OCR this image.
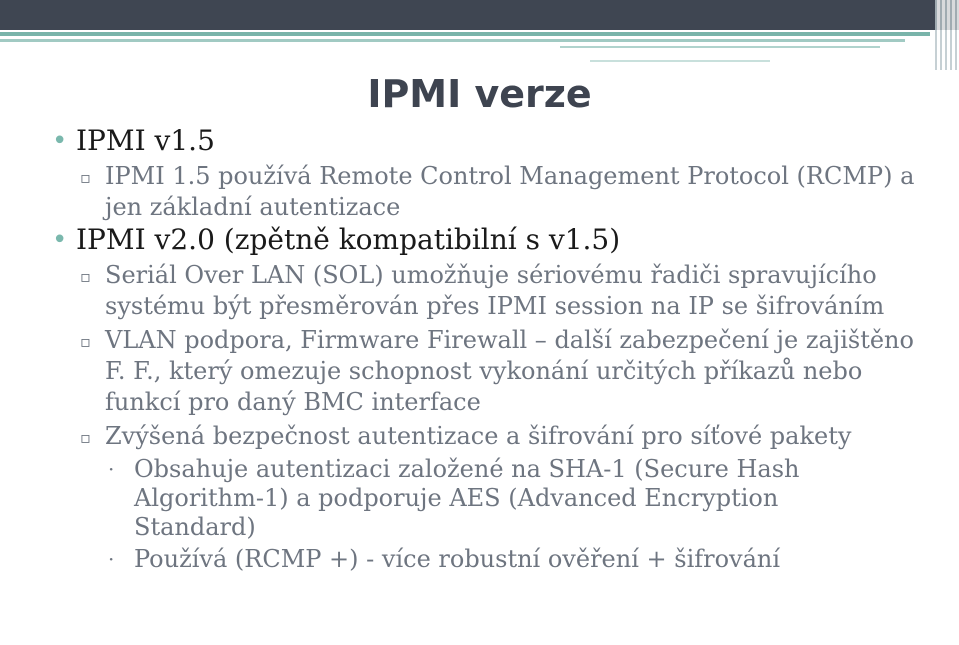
IPMI verze
• IPMI v1.5
▫ IPMI 1.5 používá Remote Control Management Protocol (RCMP) a jen základní autentizace
• IPMI v2.0 (zpětně kompatibilní s v1.5)
▫ Seriál Over LAN (SOL) umožňuje sériovému řadiči spravujícího systému být přesměrován přes IPMI session na IP se šifrováním
▫ VLAN podpora, Firmware Firewall – další zabezpečení je zajištěno F. F., který omezuje schopnost vykonání určitých příkazů nebo funkcí pro daný BMC interface
▫ Zvýšená bezpečnost autentizace a šifrování pro síťové pakety
· Obsahuje autentizaci založené na SHA-1 (Secure Hash Algorithm-1) a podporuje AES (Advanced Encryption Standard)
· Používá (RCMP +) - více robustní ověření + šifrování
